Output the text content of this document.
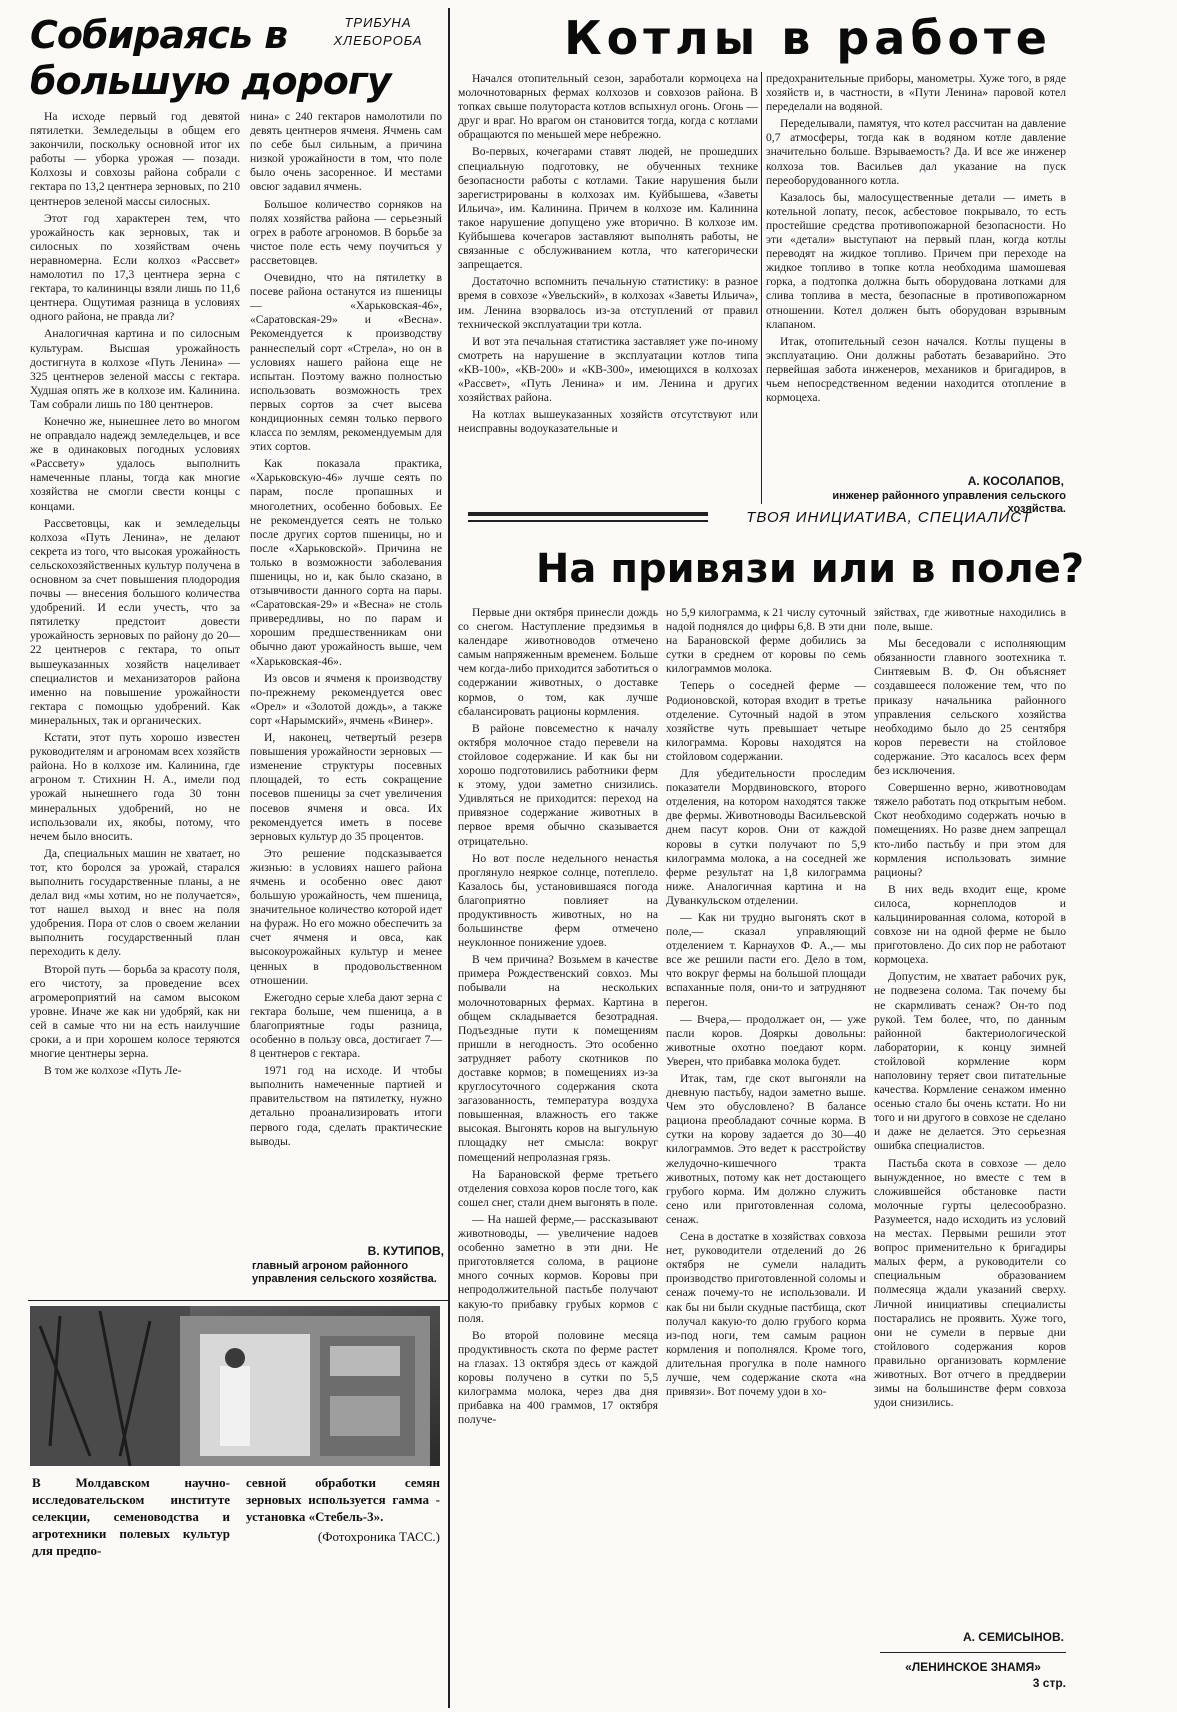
Собираясь в большую дорогу
ТРИБУНА ХЛЕБОРОБА

На исходе первый год девятой пятилетки. Земледельцы в общем его закончили, поскольку основной итог их работы — уборка урожая — позади. Колхозы и совхозы района собрали с гектара по 13,2 центнера зерновых, по 210 центнеров зеленой массы силосных.

Этот год характерен тем, что урожайность как зерновых, так и силосных по хозяйствам очень неравномерна. Если колхоз «Рассвет» намолотил по 17,3 центнера зерна с гектара, то калининцы взяли лишь по 11,6 центнера. Ощутимая разница в условиях одного района, не правда ли?

Аналогичная картина и по силосным культурам. Высшая урожайность достигнута в колхозе «Путь Ленина» — 325 центнеров зеленой массы с гектара. Худшая опять же в колхозе им. Калинина. Там собрали лишь по 180 центнеров.

Конечно же, нынешнее лето во многом не оправдало надежд земледельцев, и все же в одинаковых погодных условиях «Рассвету» удалось выполнить намеченные планы, тогда как многие хозяйства не смогли свести концы с концами.

Рассветовцы, как и земледельцы колхоза «Путь Ленина», не делают секрета из того, что высокая урожайность сельскохозяйственных культур получена в основном за счет повышения плодородия почвы — внесения большого количества удобрений. И если учесть, что за пятилетку предстоит довести урожайность зерновых по району до 20—22 центнеров с гектара, то опыт вышеуказанных хозяйств нацеливает специалистов и механизаторов района именно на повышение урожайности гектара с помощью удобрений. Как минеральных, так и органических.

Кстати, этот путь хорошо известен руководителям и агрономам всех хозяйств района. Но в колхозе им. Калинина, где агроном т. Стихнин Н. А., имели под урожай нынешнего года 30 тонн минеральных удобрений, но не использовали их, якобы, потому, что нечем было вносить.

Да, специальных машин не хватает, но тот, кто боролся за урожай, старался выполнить государственные планы, а не делал вид «мы хотим, но не получается», тот нашел выход и внес на поля удобрения. Пора от слов о своем желании выполнить государственный план переходить к делу.

Второй путь — борьба за красоту поля, его чистоту, за проведение всех агромероприятий на самом высоком уровне. Иначе же как ни удобряй, как ни сей в самые что ни на есть наилучшие сроки, а и при хорошем колосе теряются многие центнеры зерна.

В том же колхозе «Путь Ле-

нина» с 240 гектаров намолотили по девять центнеров ячменя. Ячмень сам по себе был сильным, а причина низкой урожайности в том, что поле было очень засоренное. И местами овсюг задавил ячмень.

Большое количество сорняков на полях хозяйства района — серьезный огрех в работе агрономов. В борьбе за чистое поле есть чему поучиться у рассветовцев.

Очевидно, что на пятилетку в посеве района останутся из пшеницы — «Харьковская-46», «Саратовская-29» и «Весна». Рекомендуется к производству раннеспелый сорт «Стрела», но он в условиях нашего района еще не испытан. Поэтому важно полностью использовать возможность трех первых сортов за счет высева кондиционных семян только первого класса по землям, рекомендуемым для этих сортов.

Как показала практика, «Харьковскую-46» лучше сеять по парам, после пропашных и многолетних, особенно бобовых. Ее не рекомендуется сеять не только после других сортов пшеницы, но и после «Харьковской». Причина не только в возможности заболевания пшеницы, но и, как было сказано, в отзывчивости данного сорта на пары. «Саратовская-29» и «Весна» не столь привередливы, но по парам и хорошим предшественникам они обычно дают урожайность выше, чем «Харьковская-46».

Из овсов и ячменя к производству по-прежнему рекомендуется овес «Орел» и «Золотой дождь», а также сорт «Нарымский», ячмень «Винер».

И, наконец, четвертый резерв повышения урожайности зерновых — изменение структуры посевных площадей, то есть сокращение посевов пшеницы за счет увеличения посевов ячменя и овса. Их рекомендуется иметь в посеве зерновых культур до 35 процентов.

Это решение подсказывается жизнью: в условиях нашего района ячмень и особенно овес дают большую урожайность, чем пшеница, значительное количество которой идет на фураж. Но его можно обеспечить за счет ячменя и овса, как высокоурожайных культур и менее ценных в продовольственном отношении.

Ежегодно серые хлеба дают зерна с гектара больше, чем пшеница, а в благоприятные годы разница, особенно в пользу овса, достигает 7—8 центнеров с гектара.

1971 год на исходе. И чтобы выполнить намеченные партией и правительством на пятилетку, нужно детально проанализировать итоги первого года, сделать практические выводы.

В. КУТИПОВ,
главный агроном районного управления сельского хозяйства.
В Молдавском научно-исследовательском институте селекции, семеноводства и агротехники полевых культур для предпо-
севной обработки семян зерновых используется гамма - установка «Стебель-3».
(Фотохроника ТАСС.)
Котлы в работе

Начался отопительный сезон, заработали кормоцеха на молочнотоварных фермах колхозов и совхозов района. В топках свыше полутораста котлов вспыхнул огонь. Огонь — друг и враг. Но врагом он становится тогда, когда с котлами обращаются по меньшей мере небрежно.

Во-первых, кочегарами ставят людей, не прошедших специальную подготовку, не обученных технике безопасности работы с котлами. Такие нарушения были зарегистрированы в колхозах им. Куйбышева, «Заветы Ильича», им. Калинина. Причем в колхозе им. Калинина такое нарушение допущено уже вторично. В колхозе им. Куйбышева кочегаров заставляют выполнять работы, не связанные с обслуживанием котла, что категорически запрещается.

Достаточно вспомнить печальную статистику: в разное время в совхозе «Увельский», в колхозах «Заветы Ильича», им. Ленина взорвалось из-за отступлений от правил технической эксплуатации три котла.

И вот эта печальная статистика заставляет уже по-иному смотреть на нарушение в эксплуатации котлов типа «КВ-100», «КВ-200» и «КВ-300», имеющихся в колхозах «Рассвет», «Путь Ленина» и им. Ленина и других хозяйствах района.

На котлах вышеуказанных хозяйств отсутствуют или неисправны водоуказательные и

предохранительные приборы, манометры. Хуже того, в ряде хозяйств и, в частности, в «Пути Ленина» паровой котел переделали на водяной.

Переделывали, памятуя, что котел рассчитан на давление 0,7 атмосферы, тогда как в водяном котле давление значительно больше. Взрываемость? Да. И все же инженер колхоза тов. Васильев дал указание на пуск переоборудованного котла.

Казалось бы, малосущественные детали — иметь в котельной лопату, песок, асбестовое покрывало, то есть простейшие средства противопожарной безопасности. Но эти «детали» выступают на первый план, когда котлы переводят на жидкое топливо. Причем при переходе на жидкое топливо в топке котла необходима шамошевая горка, а подтопка должна быть оборудована лотками для слива топлива в места, безопасные в противопожарном отношении. Котел должен быть оборудован взрывным клапаном.

Итак, отопительный сезон начался. Котлы пущены в эксплуатацию. Они должны работать безаварийно. Это первейшая забота инженеров, механиков и бригадиров, в чьем непосредственном ведении находится отопление в кормоцеха.

А. КОСОЛАПОВ,
инженер районного управления сельского хозяйства.
ТВОЯ ИНИЦИАТИВА, СПЕЦИАЛИСТ
На привязи или в поле?

Первые дни октября принесли дождь со снегом. Наступление предзимья в календаре животноводов отмечено самым напряженным временем. Больше чем когда-либо приходится заботиться о содержании животных, о доставке кормов, о том, как лучше сбалансировать рационы кормления.

В районе повсеместно к началу октября молочное стадо перевели на стойловое содержание. И как бы ни хорошо подготовились работники ферм к этому, удои заметно снизились. Удивляться не приходится: переход на привязное содержание животных в первое время обычно сказывается отрицательно.

Но вот после недельного ненастья проглянуло неяркое солнце, потеплело. Казалось бы, установившаяся погода благоприятно повлияет на продуктивность животных, но на большинстве ферм отмечено неуклонное понижение удоев.

В чем причина? Возьмем в качестве примера Рождественский совхоз. Мы побывали на нескольких молочнотоварных фермах. Картина в общем складывается безотрадная. Подъездные пути к помещениям пришли в негодность. Это особенно затрудняет работу скотников по доставке кормов; в помещениях из-за круглосуточного содержания скота загазованность, температура воздуха повышенная, влажность его также высокая. Выгонять коров на выгульную площадку нет смысла: вокруг помещений непролазная грязь.

На Барановской ферме третьего отделения совхоза коров после того, как сошел снег, стали днем выгонять в поле.

— На нашей ферме,— рассказывают животноводы, — увеличение надоев особенно заметно в эти дни. Не приготовляется солома, в рационе много сочных кормов. Коровы при непродолжительной пастьбе получают какую-то прибавку грубых кормов с поля.

Во второй половине месяца продуктивность скота по ферме растет на глазах. 13 октября здесь от каждой коровы получено в сутки по 5,5 килограмма молока, через два дня прибавка на 400 граммов, 17 октября получе-

но 5,9 килограмма, к 21 числу суточный надой поднялся до цифры 6,8. В эти дни на Барановской ферме добились за сутки в среднем от коровы по семь килограммов молока.

Теперь о соседней ферме — Родионовской, которая входит в третье отделение. Суточный надой в этом хозяйстве чуть превышает четыре килограмма. Коровы находятся на стойловом содержании.

Для убедительности проследим показатели Мордвиновского, второго отделения, на котором находятся также две фермы. Животноводы Васильевской днем пасут коров. Они от каждой коровы в сутки получают по 5,9 килограмма молока, а на соседней же ферме результат на 1,8 килограмма ниже. Аналогичная картина и на Дуванкульском отделении.

— Как ни трудно выгонять скот в поле,— сказал управляющий отделением т. Карнаухов Ф. А.,— мы все же решили пасти его. Дело в том, что вокруг фермы на большой площади вспаханные поля, они-то и затрудняют перегон.

— Вчера,— продолжает он, — уже пасли коров. Дояркы довольны: животные охотно поедают корм. Уверен, что прибавка молока будет.

Итак, там, где скот выгоняли на дневную пастьбу, надои заметно выше. Чем это обусловлено? В балансе рациона преобладают сочные корма. В сутки на корову задается до 30—40 килограммов. Это ведет к расстройству желудочно-кишечного тракта животных, потому как нет достающего грубого корма. Им должно служить сено или приготовленная солома, сенаж.

Сена в достатке в хозяйствах совхоза нет, руководители отделений до 26 октября не сумели наладить производство приготовленной соломы и сенаж почему-то не использовали. И как бы ни были скудные пастбища, скот получал какую-то долю грубого корма из-под ноги, тем самым рацион кормления и пополнялся. Кроме того, длительная прогулка в поле намного лучше, чем содержание скота «на привязи». Вот почему удои в хо-

зяйствах, где животные находились в поле, выше.

Мы беседовали с исполняющим обязанности главного зоотехника т. Синтяевым В. Ф. Он объясняет создавшееся положение тем, что по приказу начальника районного управления сельского хозяйства необходимо было до 25 сентября коров перевести на стойловое содержание. Это касалось всех ферм без исключения.

Совершенно верно, животноводам тяжело работать под открытым небом. Скот необходимо содержать ночью в помещениях. Но разве днем запрещал кто-либо пастьбу и при этом для кормления использовать зимние рационы?

В них ведь входит еще, кроме силоса, корнеплодов и кальцинированная солома, которой в совхозе ни на одной ферме не было приготовлено. До сих пор не работают кормоцеха.

Допустим, не хватает рабочих рук, не подвезена солома. Так почему бы не скармливать сенаж? Он-то под рукой. Тем более, что, по данным районной бактериологической лаборатории, к концу зимней стойловой кормление корм наполовину теряет свои питательные качества. Кормление сенажом именно осенью стало бы очень кстати. Но ни того и ни другого в совхозе не сделано и даже не делается. Это серьезная ошибка специалистов.

Пастьба скота в совхозе — дело вынужденное, но вместе с тем в сложившейся обстановке пасти молочные гурты целесообразно. Разумеется, надо исходить из условий на местах. Первыми решили этот вопрос применительно к бригадиры малых ферм, а руководители со специальным образованием полмесяца ждали указаний сверху. Личной инициативы специалисты постарались не проявить. Хуже того, они не сумели в первые дни стойлового содержания коров правильно организовать кормление животных. Вот отчего в преддверии зимы на большинстве ферм совхоза удои снизились.

А. СЕМИСЫНОВ.
«ЛЕНИНСКОЕ ЗНАМЯ»
3 стр.
